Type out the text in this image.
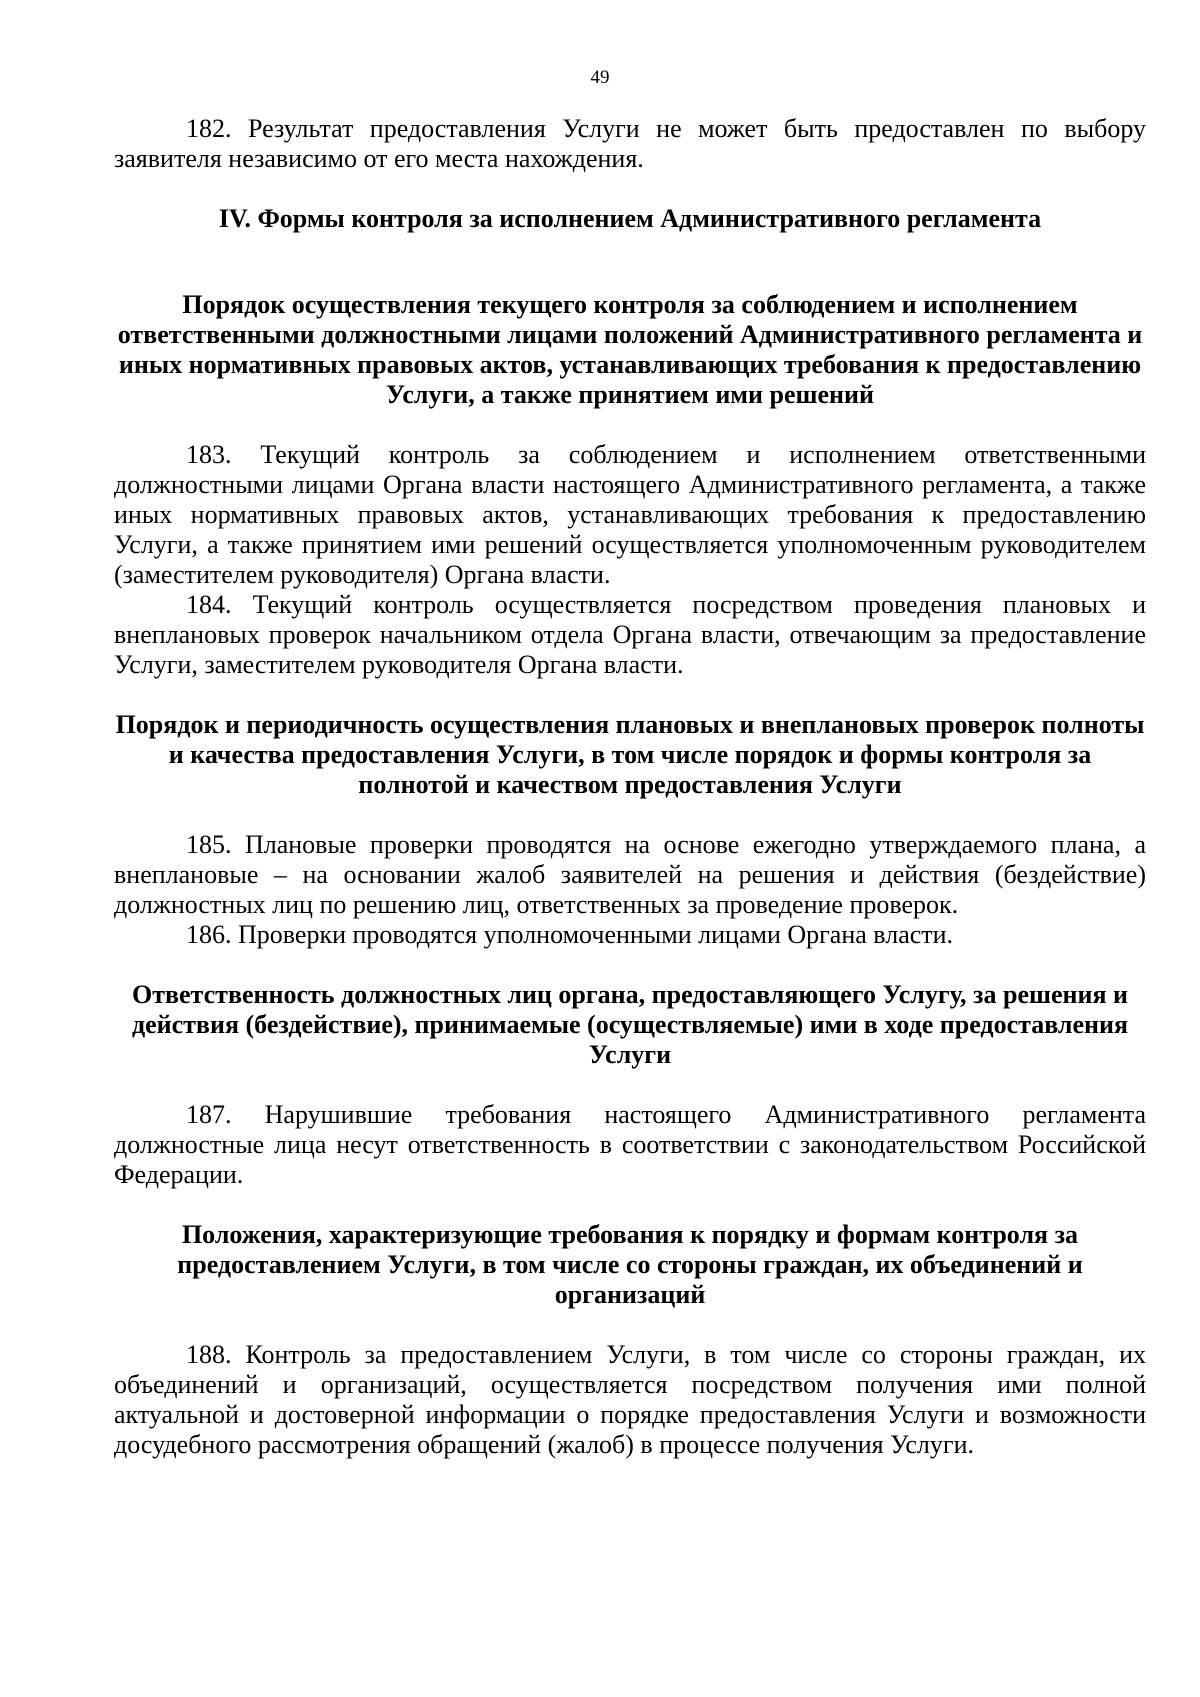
49

182. Результат предоставления Услуги не может быть предоставлен по выбору заявителя независимо от его места нахождения.

IV. Формы контроля за исполнением Административного регламента

Порядок осуществления текущего контроля за соблюдением и исполнением ответственными должностными лицами положений Административного регламента и иных нормативных правовых актов, устанавливающих требования к предоставлению Услуги, а также принятием ими решений

183. Текущий контроль за соблюдением и исполнением ответственными должностными лицами Органа власти настоящего Административного регламента, а также иных нормативных правовых актов, устанавливающих требования к предоставлению Услуги, а также принятием ими решений осуществляется уполномоченным руководителем (заместителем руководителя) Органа власти.

184. Текущий контроль осуществляется посредством проведения плановых и внеплановых проверок начальником отдела Органа власти, отвечающим за предоставление Услуги, заместителем руководителя Органа власти.

Порядок и периодичность осуществления плановых и внеплановых проверок полноты и качества предоставления Услуги, в том числе порядок и формы контроля за полнотой и качеством предоставления Услуги

185. Плановые проверки проводятся на основе ежегодно утверждаемого плана, а внеплановые – на основании жалоб заявителей на решения и действия (бездействие) должностных лиц по решению лиц, ответственных за проведение проверок.

186. Проверки проводятся уполномоченными лицами Органа власти.

Ответственность должностных лиц органа, предоставляющего Услугу, за решения и действия (бездействие), принимаемые (осуществляемые) ими в ходе предоставления Услуги

187. Нарушившие требования настоящего Административного регламента должностные лица несут ответственность в соответствии с законодательством Российской Федерации.

Положения, характеризующие требования к порядку и формам контроля за предоставлением Услуги, в том числе со стороны граждан, их объединений и организаций

188. Контроль за предоставлением Услуги, в том числе со стороны граждан, их объединений и организаций, осуществляется посредством получения ими полной актуальной и достоверной информации о порядке предоставления Услуги и возможности досудебного рассмотрения обращений (жалоб) в процессе получения Услуги.
